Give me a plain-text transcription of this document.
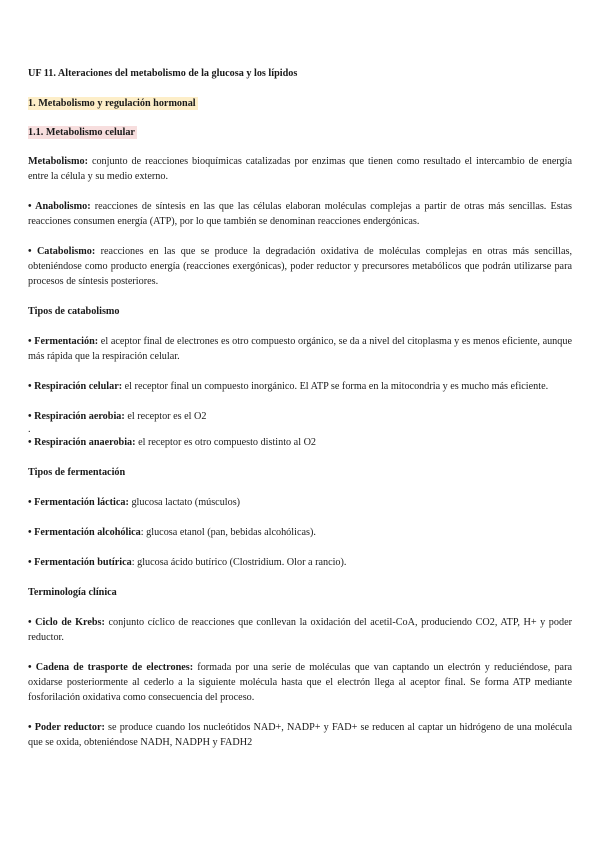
UF 11. Alteraciones del metabolismo de la glucosa y los lípidos

1. Metabolismo y regulación hormonal

1.1. Metabolismo celular

Metabolismo: conjunto de reacciones bioquímicas catalizadas por enzimas que tienen como resultado el intercambio de energía entre la célula y su medio externo.

• Anabolismo: reacciones de síntesis en las que las células elaboran moléculas complejas a partir de otras más sencillas. Estas reacciones consumen energía (ATP), por lo que también se denominan reacciones endergónicas.

• Catabolismo: reacciones en las que se produce la degradación oxidativa de moléculas complejas en otras más sencillas, obteniéndose como producto energía (reacciones exergónicas), poder reductor y precursores metabólicos que podrán utilizarse para procesos de síntesis posteriores.

Tipos de catabolismo

• Fermentación: el aceptor final de electrones es otro compuesto orgánico, se da a nivel del citoplasma y es menos eficiente, aunque más rápida que la respiración celular.

• Respiración celular: el receptor final un compuesto inorgánico. El ATP se forma en la mitocondria y es mucho más eficiente.

• Respiración aerobia: el receptor es el O2

.

• Respiración anaerobia: el receptor es otro compuesto distinto al O2

Tipos de fermentación

• Fermentación láctica: glucosa lactato (músculos)

• Fermentación alcohólica: glucosa etanol (pan, bebidas alcohólicas).

• Fermentación butírica: glucosa ácido butírico (Clostridium. Olor a rancio).

Terminología clínica

• Ciclo de Krebs: conjunto cíclico de reacciones que conllevan la oxidación del acetil-CoA, produciendo CO2, ATP, H+ y poder reductor.

• Cadena de trasporte de electrones: formada por una serie de moléculas que van captando un electrón y reduciéndose, para oxidarse posteriormente al cederlo a la siguiente molécula hasta que el electrón llega al aceptor final. Se forma ATP mediante fosforilación oxidativa como consecuencia del proceso.

• Poder reductor: se produce cuando los nucleótidos NAD+, NADP+ y FAD+ se reducen al captar un hidrógeno de una molécula que se oxida, obteniéndose NADH, NADPH y FADH2
